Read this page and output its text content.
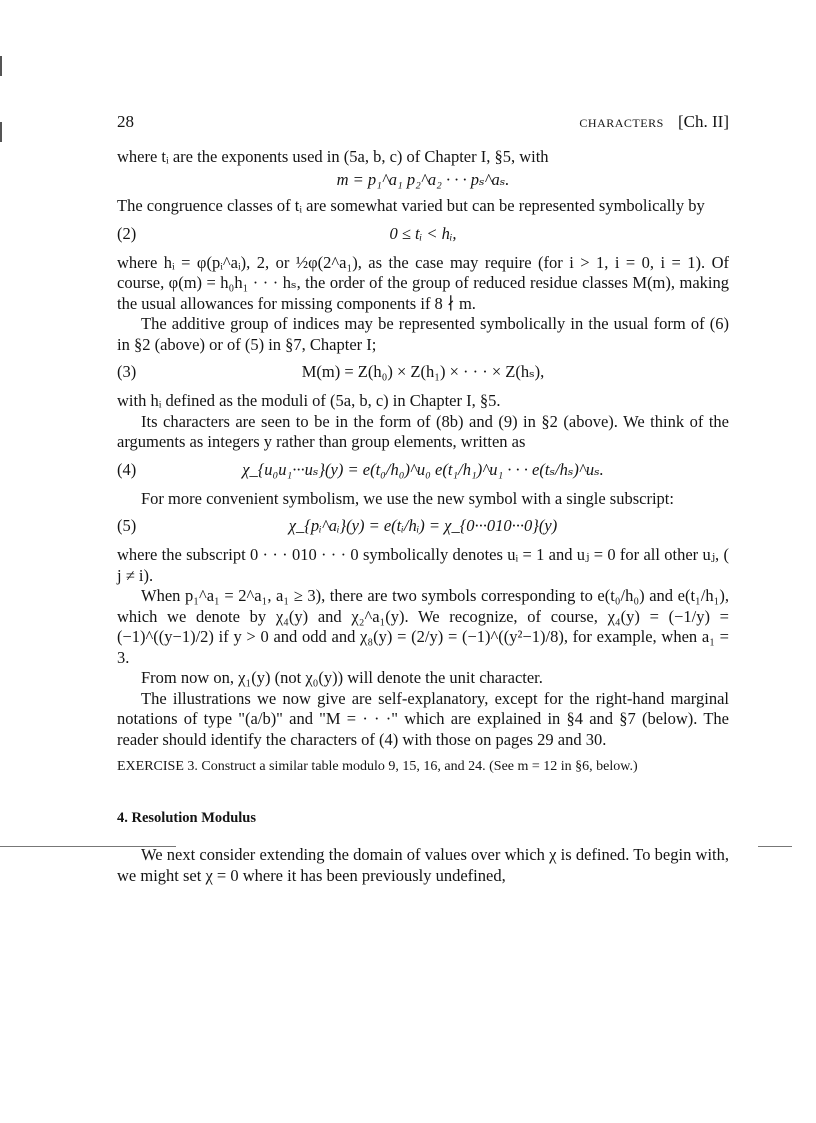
28	CHARACTERS [Ch. II]

where tᵢ are the exponents used in (5a, b, c) of Chapter I, §5, with

m = p₁^a₁ p₂^a₂ · · · pₛ^aₛ.

The congruence classes of tᵢ are somewhat varied but can be represented symbolically by

(2)	0 ≤ tᵢ < hᵢ,

where hᵢ = φ(pᵢ^aᵢ), 2, or ½φ(2^a₁), as the case may require (for i > 1, i = 0, i = 1). Of course, φ(m) = h₀h₁ · · · hₛ, the order of the group of reduced residue classes M(m), making the usual allowances for missing components if 8 ∤ m.

The additive group of indices may be represented symbolically in the usual form of (6) in §2 (above) or of (5) in §7, Chapter I;

(3)	M(m) = Z(h₀) × Z(h₁) × · · · × Z(hₛ),

with hᵢ defined as the moduli of (5a, b, c) in Chapter I, §5.

Its characters are seen to be in the form of (8b) and (9) in §2 (above). We think of the arguments as integers y rather than group elements, written as

(4)	χ_{u₀u₁···uₛ}(y) = e(t₀/h₀)^u₀ e(t₁/h₁)^u₁ · · · e(tₛ/hₛ)^uₛ.

For more convenient symbolism, we use the new symbol with a single subscript:

(5)	χ_{pᵢ^aᵢ}(y) = e(tᵢ/hᵢ) = χ_{0···010···0}(y)

where the subscript 0 · · · 010 · · · 0 symbolically denotes uᵢ = 1 and uⱼ = 0 for all other uⱼ, ( j ≠ i).

When p₁^a₁ = 2^a₁, a₁ ≥ 3), there are two symbols corresponding to e(t₀/h₀) and e(t₁/h₁), which we denote by χ₄(y) and χ₂^a₁(y). We recognize, of course, χ₄(y) = (−1/y) = (−1)^((y−1)/2) if y > 0 and odd and χ₈(y) = (2/y) = (−1)^((y²−1)/8), for example, when a₁ = 3.

From now on, χ₁(y) (not χ₀(y)) will denote the unit character.

The illustrations we now give are self-explanatory, except for the right-hand marginal notations of type "(a/b)" and "M = · · ·" which are explained in §4 and §7 (below). The reader should identify the characters of (4) with those on pages 29 and 30.

EXERCISE 3. Construct a similar table modulo 9, 15, 16, and 24. (See m = 12 in §6, below.)
4. Resolution Modulus

We next consider extending the domain of values over which χ is defined. To begin with, we might set χ = 0 where it has been previously undefined,
